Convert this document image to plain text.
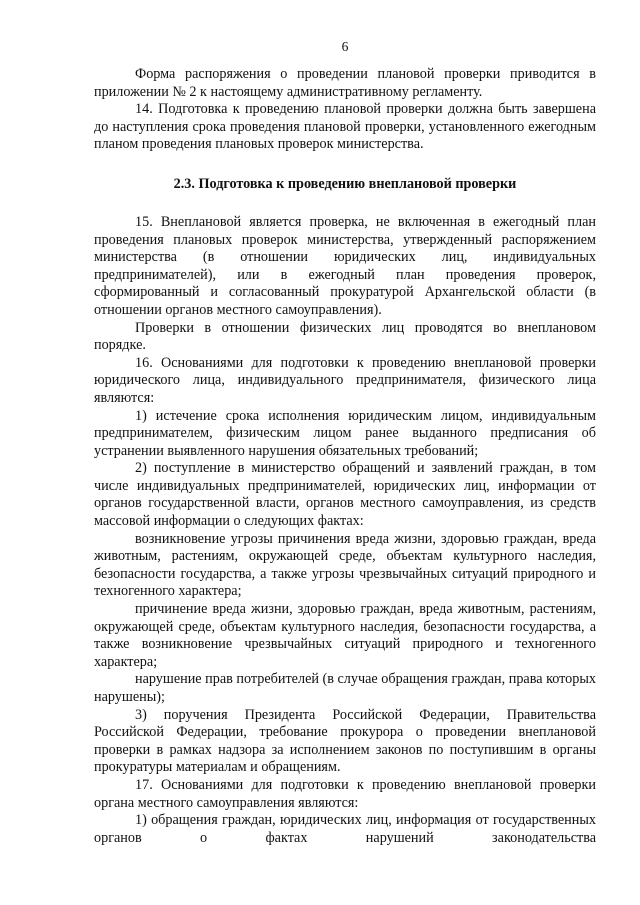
6

Форма распоряжения о проведении плановой проверки приводится в приложении № 2 к настоящему административному регламенту.

14. Подготовка к проведению плановой проверки должна быть завершена до наступления срока проведения плановой проверки, установленного ежегодным планом проведения плановых проверок министерства.

2.3. Подготовка к проведению внеплановой проверки

15. Внеплановой является проверка, не включенная в ежегодный план проведения плановых проверок министерства, утвержденный распоряжением министерства (в отношении юридических лиц, индивидуальных предпринимателей), или в ежегодный план проведения проверок, сформированный и согласованный прокуратурой Архангельской области (в отношении органов местного самоуправления).

Проверки в отношении физических лиц проводятся во внеплановом порядке.

16. Основаниями для подготовки к проведению внеплановой проверки юридического лица, индивидуального предпринимателя, физического лица являются:

1) истечение срока исполнения юридическим лицом, индивидуальным предпринимателем, физическим лицом ранее выданного предписания об устранении выявленного нарушения обязательных требований;

2) поступление в министерство обращений и заявлений граждан, в том числе индивидуальных предпринимателей, юридических лиц, информации от органов государственной власти, органов местного самоуправления, из средств массовой информации о следующих фактах:

возникновение угрозы причинения вреда жизни, здоровью граждан, вреда животным, растениям, окружающей среде, объектам культурного наследия, безопасности государства, а также угрозы чрезвычайных ситуаций природного и техногенного характера;

причинение вреда жизни, здоровью граждан, вреда животным, растениям, окружающей среде, объектам культурного наследия, безопасности государства, а также возникновение чрезвычайных ситуаций природного и техногенного характера;

нарушение прав потребителей (в случае обращения граждан, права которых нарушены);

3) поручения Президента Российской Федерации, Правительства Российской Федерации, требование прокурора о проведении внеплановой проверки в рамках надзора за исполнением законов по поступившим в органы прокуратуры материалам и обращениям.

17. Основаниями для подготовки к проведению внеплановой проверки органа местного самоуправления являются:

1) обращения граждан, юридических лиц, информация от государственных органов о фактах нарушений законодательства
